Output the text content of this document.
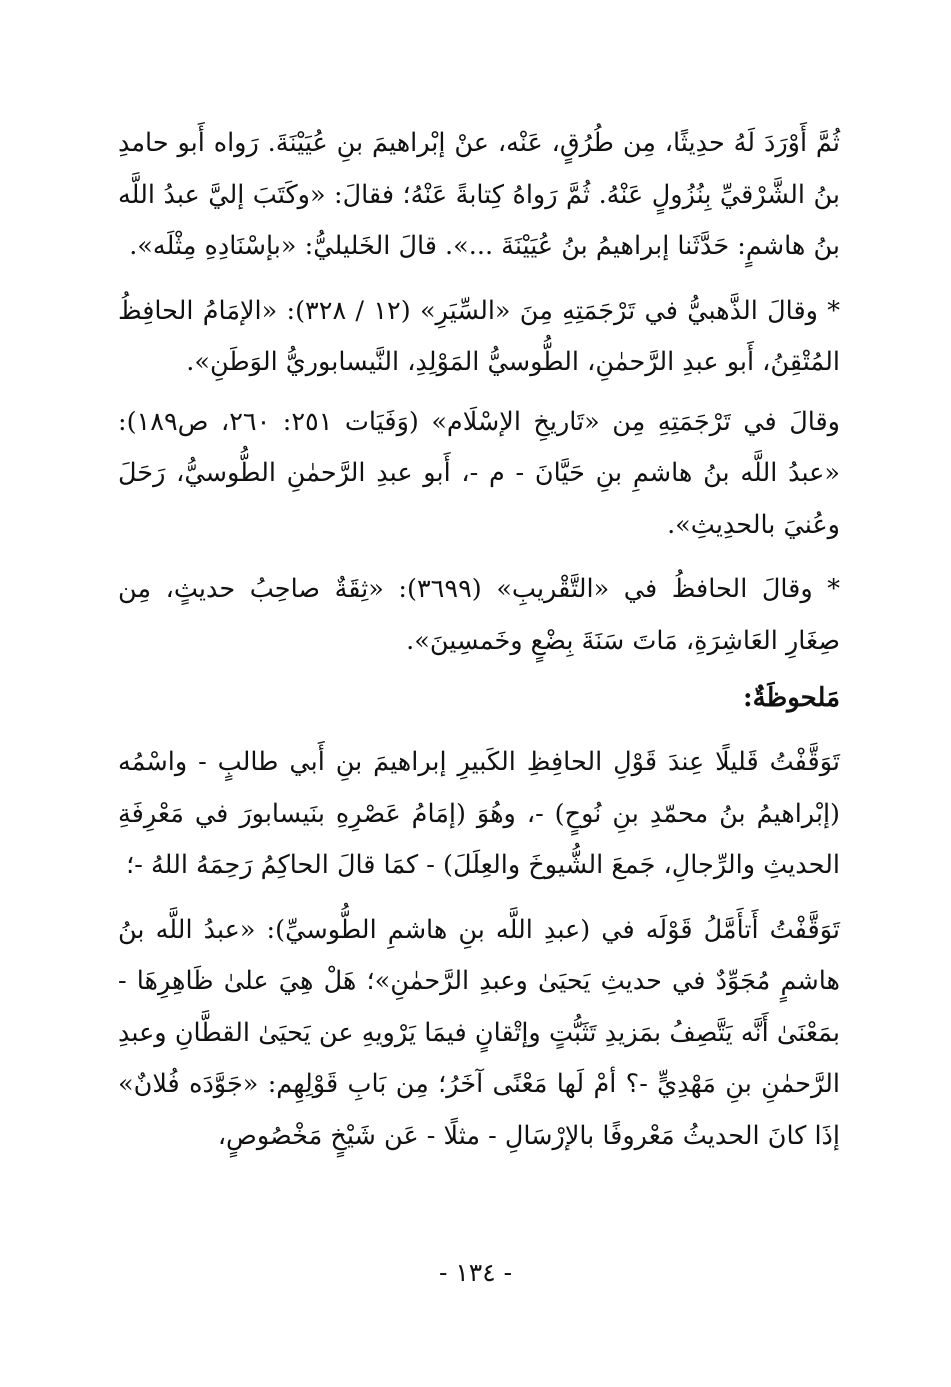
ثُمَّ أَوْرَدَ لَهُ حدِيثًا، مِن طُرُقٍ، عَنْه، عنْ إبْراهيمَ بنِ عُيَيْنَةَ. رَواه أَبو حامدِ بنُ الشَّرْقيِّ بِنُزُولٍ عَنْهُ. ثُمَّ رَواهُ كِتابةً عَنْهُ؛ فقالَ: «وكَتَبَ إليَّ عبدُ اللَّه بنُ هاشمٍ: حَدَّثَنا إبراهيمُ بنُ عُيَيْنَةَ ...». قالَ الخَليليُّ: «بإسْنَادِهِ مِثْلَه».

* وقالَ الذَّهبيُّ في تَرْجَمَتِهِ مِنَ «السِّيَرِ» (١٢ / ٣٢٨): «الإمَامُ الحافِظُ المُتْقِنُ، أَبو عبدِ الرَّحمٰنِ، الطُّوسيُّ المَوْلِدِ، النَّيسابوريُّ الوَطَنِ».

وقالَ في تَرْجَمَتِهِ مِن «تَاريخِ الإسْلَام» (وَفَيَات ٢٥١: ٢٦٠، ص١٨٩): «عبدُ اللَّه بنُ هاشمِ بنِ حَيَّانَ - م -، أَبو عبدِ الرَّحمٰنِ الطُّوسيُّ، رَحَلَ وعُنيَ بالحدِيثِ».

* وقالَ الحافظُ في «التَّقْريبِ» (٣٦٩٩): «ثِقَةٌ صاحِبُ حديثٍ، مِن صِغَارِ العَاشِرَةِ، مَاتَ سَنَةَ بِضْعٍ وخَمسِينَ».

مَلحوظَةٌ:

تَوَقَّفْتُ قَليلًا عِندَ قَوْلِ الحافِظِ الكَبيرِ إبراهيمَ بنِ أَبي طالبٍ - واسْمُه (إبْراهيمُ بنُ محمّدِ بنِ نُوحٍ) -، وهُوَ (إمَامُ عَصْرِهِ بنَيسابورَ في مَعْرِفَةِ الحديثِ والرِّجالِ، جَمعَ الشُّيوخَ والعِلَلَ) - كمَا قالَ الحاكِمُ رَحِمَهُ اللهُ -؛

تَوَقَّفْتُ أَتأَمَّلُ قَوْلَه في (عبدِ اللَّه بنِ هاشمِ الطُّوسيِّ): «عبدُ اللَّه بنُ هاشمٍ مُجَوِّدٌ في حديثِ يَحيَىٰ وعبدِ الرَّحمٰنِ»؛ هَلْ هِيَ علىٰ ظَاهِرِهَا - بمَعْنَىٰ أَنَّه يَتَّصِفُ بمَزيدِ تَثَبُّتٍ وإتْقانٍ فيمَا يَرْويهِ عن يَحيَىٰ القطَّانِ وعبدِ الرَّحمٰنِ بنِ مَهْدِيٍّ -؟ أمْ لَها مَعْنًى آخَرُ؛ مِن بَابِ قَوْلِهِم: «جَوَّدَه فُلانٌ» إذَا كانَ الحديثُ مَعْروفًا بالإرْسَالِ - مثلًا - عَن شَيْخٍ مَخْصُوصٍ،

- ١٣٤ -
